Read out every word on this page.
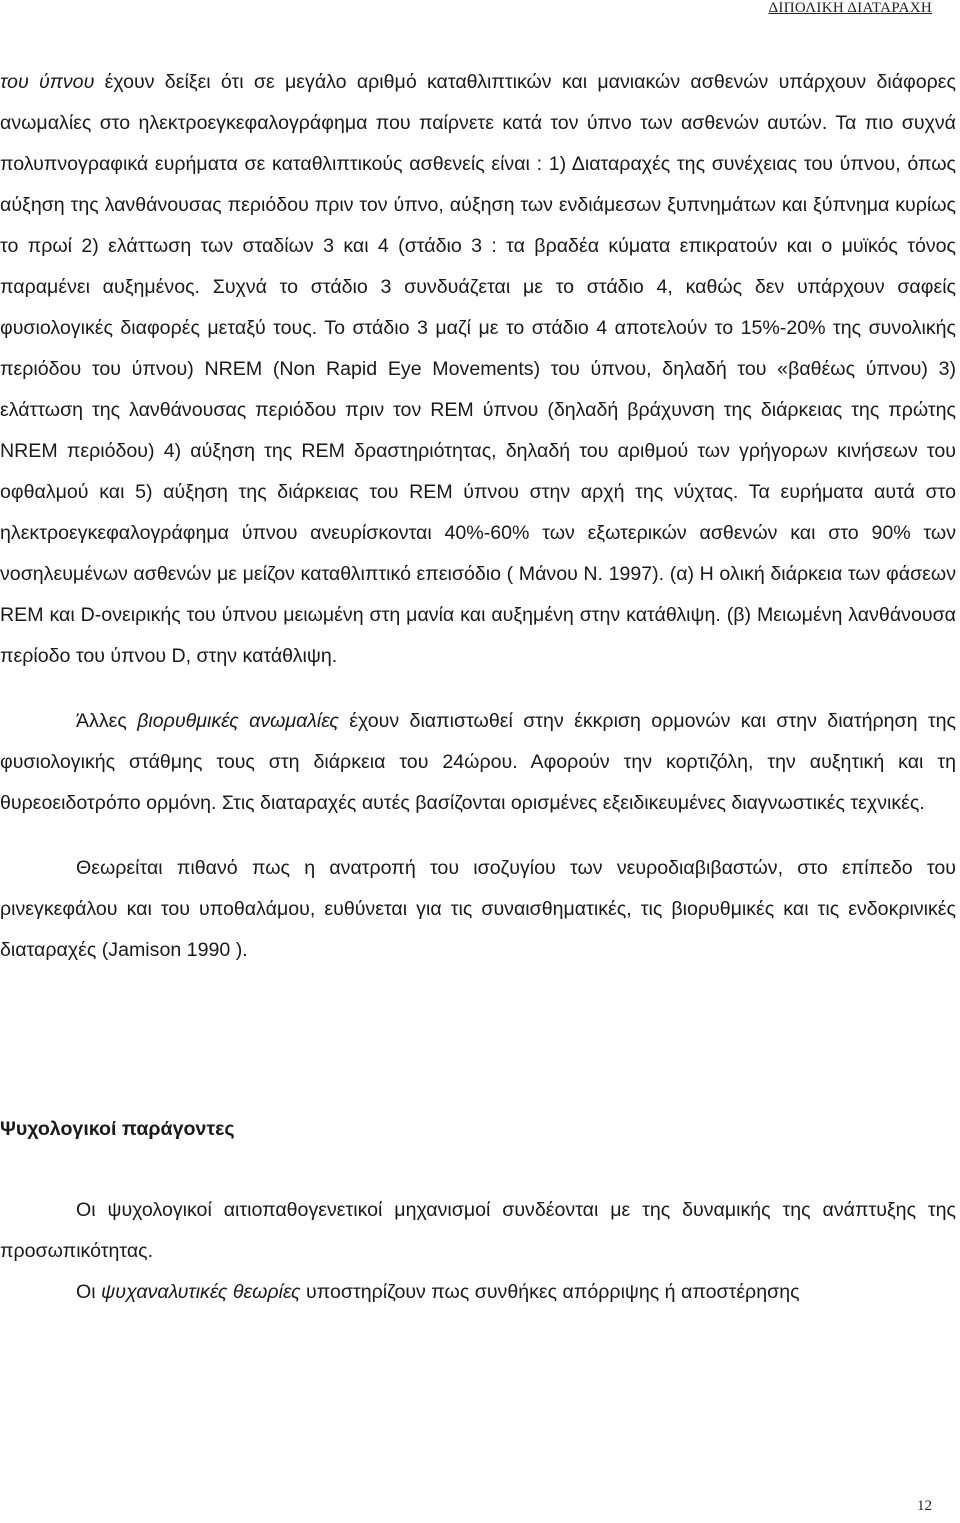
ΔΙΠΟΛΙΚΗ ΔΙΑΤΑΡΑΧΗ

του ύπνου έχουν δείξει ότι σε μεγάλο αριθμό καταθλιπτικών και μανιακών ασθενών υπάρχουν διάφορες ανωμαλίες στο ηλεκτροεγκεφαλογράφημα που παίρνετε κατά τον ύπνο των ασθενών αυτών. Τα πιο συχνά πολυπνογραφικά ευρήματα σε καταθλιπτικούς ασθενείς είναι : 1) Διαταραχές της συνέχειας του ύπνου, όπως αύξηση της λανθάνουσας περιόδου πριν τον ύπνο, αύξηση των ενδιάμεσων ξυπνημάτων και ξύπνημα κυρίως το πρωί 2) ελάττωση των σταδίων 3 και 4 (στάδιο 3 : τα βραδέα κύματα επικρατούν και ο μυϊκός τόνος παραμένει αυξημένος. Συχνά το στάδιο 3 συνδυάζεται με το στάδιο 4, καθώς δεν υπάρχουν σαφείς φυσιολογικές διαφορές μεταξύ τους. Το στάδιο 3 μαζί με το στάδιο 4 αποτελούν το 15%-20% της συνολικής περιόδου του ύπνου) NREM (Non Rapid Eye Movements) του ύπνου, δηλαδή του «βαθέως ύπνου) 3) ελάττωση της λανθάνουσας περιόδου πριν τον REM ύπνου (δηλαδή βράχυνση της διάρκειας της πρώτης NREM περιόδου) 4) αύξηση της REM δραστηριότητας, δηλαδή του αριθμού των γρήγορων κινήσεων του οφθαλμού και 5) αύξηση της διάρκειας του REM ύπνου στην αρχή της νύχτας. Τα ευρήματα αυτά στο ηλεκτροεγκεφαλογράφημα ύπνου ανευρίσκονται 40%-60% των εξωτερικών ασθενών και στο 90% των νοσηλευμένων ασθενών με μείζον καταθλιπτικό επεισόδιο ( Μάνου Ν. 1997). (α) Η ολική διάρκεια των φάσεων REM και D-ονειρικής του ύπνου μειωμένη στη μανία και αυξημένη στην κατάθλιψη. (β) Μειωμένη λανθάνουσα περίοδο του ύπνου D, στην κατάθλιψη.

Άλλες βιορυθμικές ανωμαλίες έχουν διαπιστωθεί στην έκκριση ορμονών και στην διατήρηση της φυσιολογικής στάθμης τους στη διάρκεια του 24ώρου. Αφορούν την κορτιζόλη, την αυξητική και τη θυρεοειδοτρόπο ορμόνη. Στις διαταραχές αυτές βασίζονται ορισμένες εξειδικευμένες διαγνωστικές τεχνικές.

Θεωρείται πιθανό πως η ανατροπή του ισοζυγίου των νευροδιαβιβαστών, στο επίπεδο του ρινεγκεφάλου και του υποθαλάμου, ευθύνεται για τις συναισθηματικές, τις βιορυθμικές και τις ενδοκρινικές διαταραχές (Jamison 1990 ).

Ψυχολογικοί παράγοντες

Οι ψυχολογικοί αιτιοπαθογενετικοί μηχανισμοί συνδέονται με της δυναμικής της ανάπτυξης της προσωπικότητας.

Οι ψυχαναλυτικές θεωρίες υποστηρίζουν πως συνθήκες απόρριψης ή αποστέρησης

12
